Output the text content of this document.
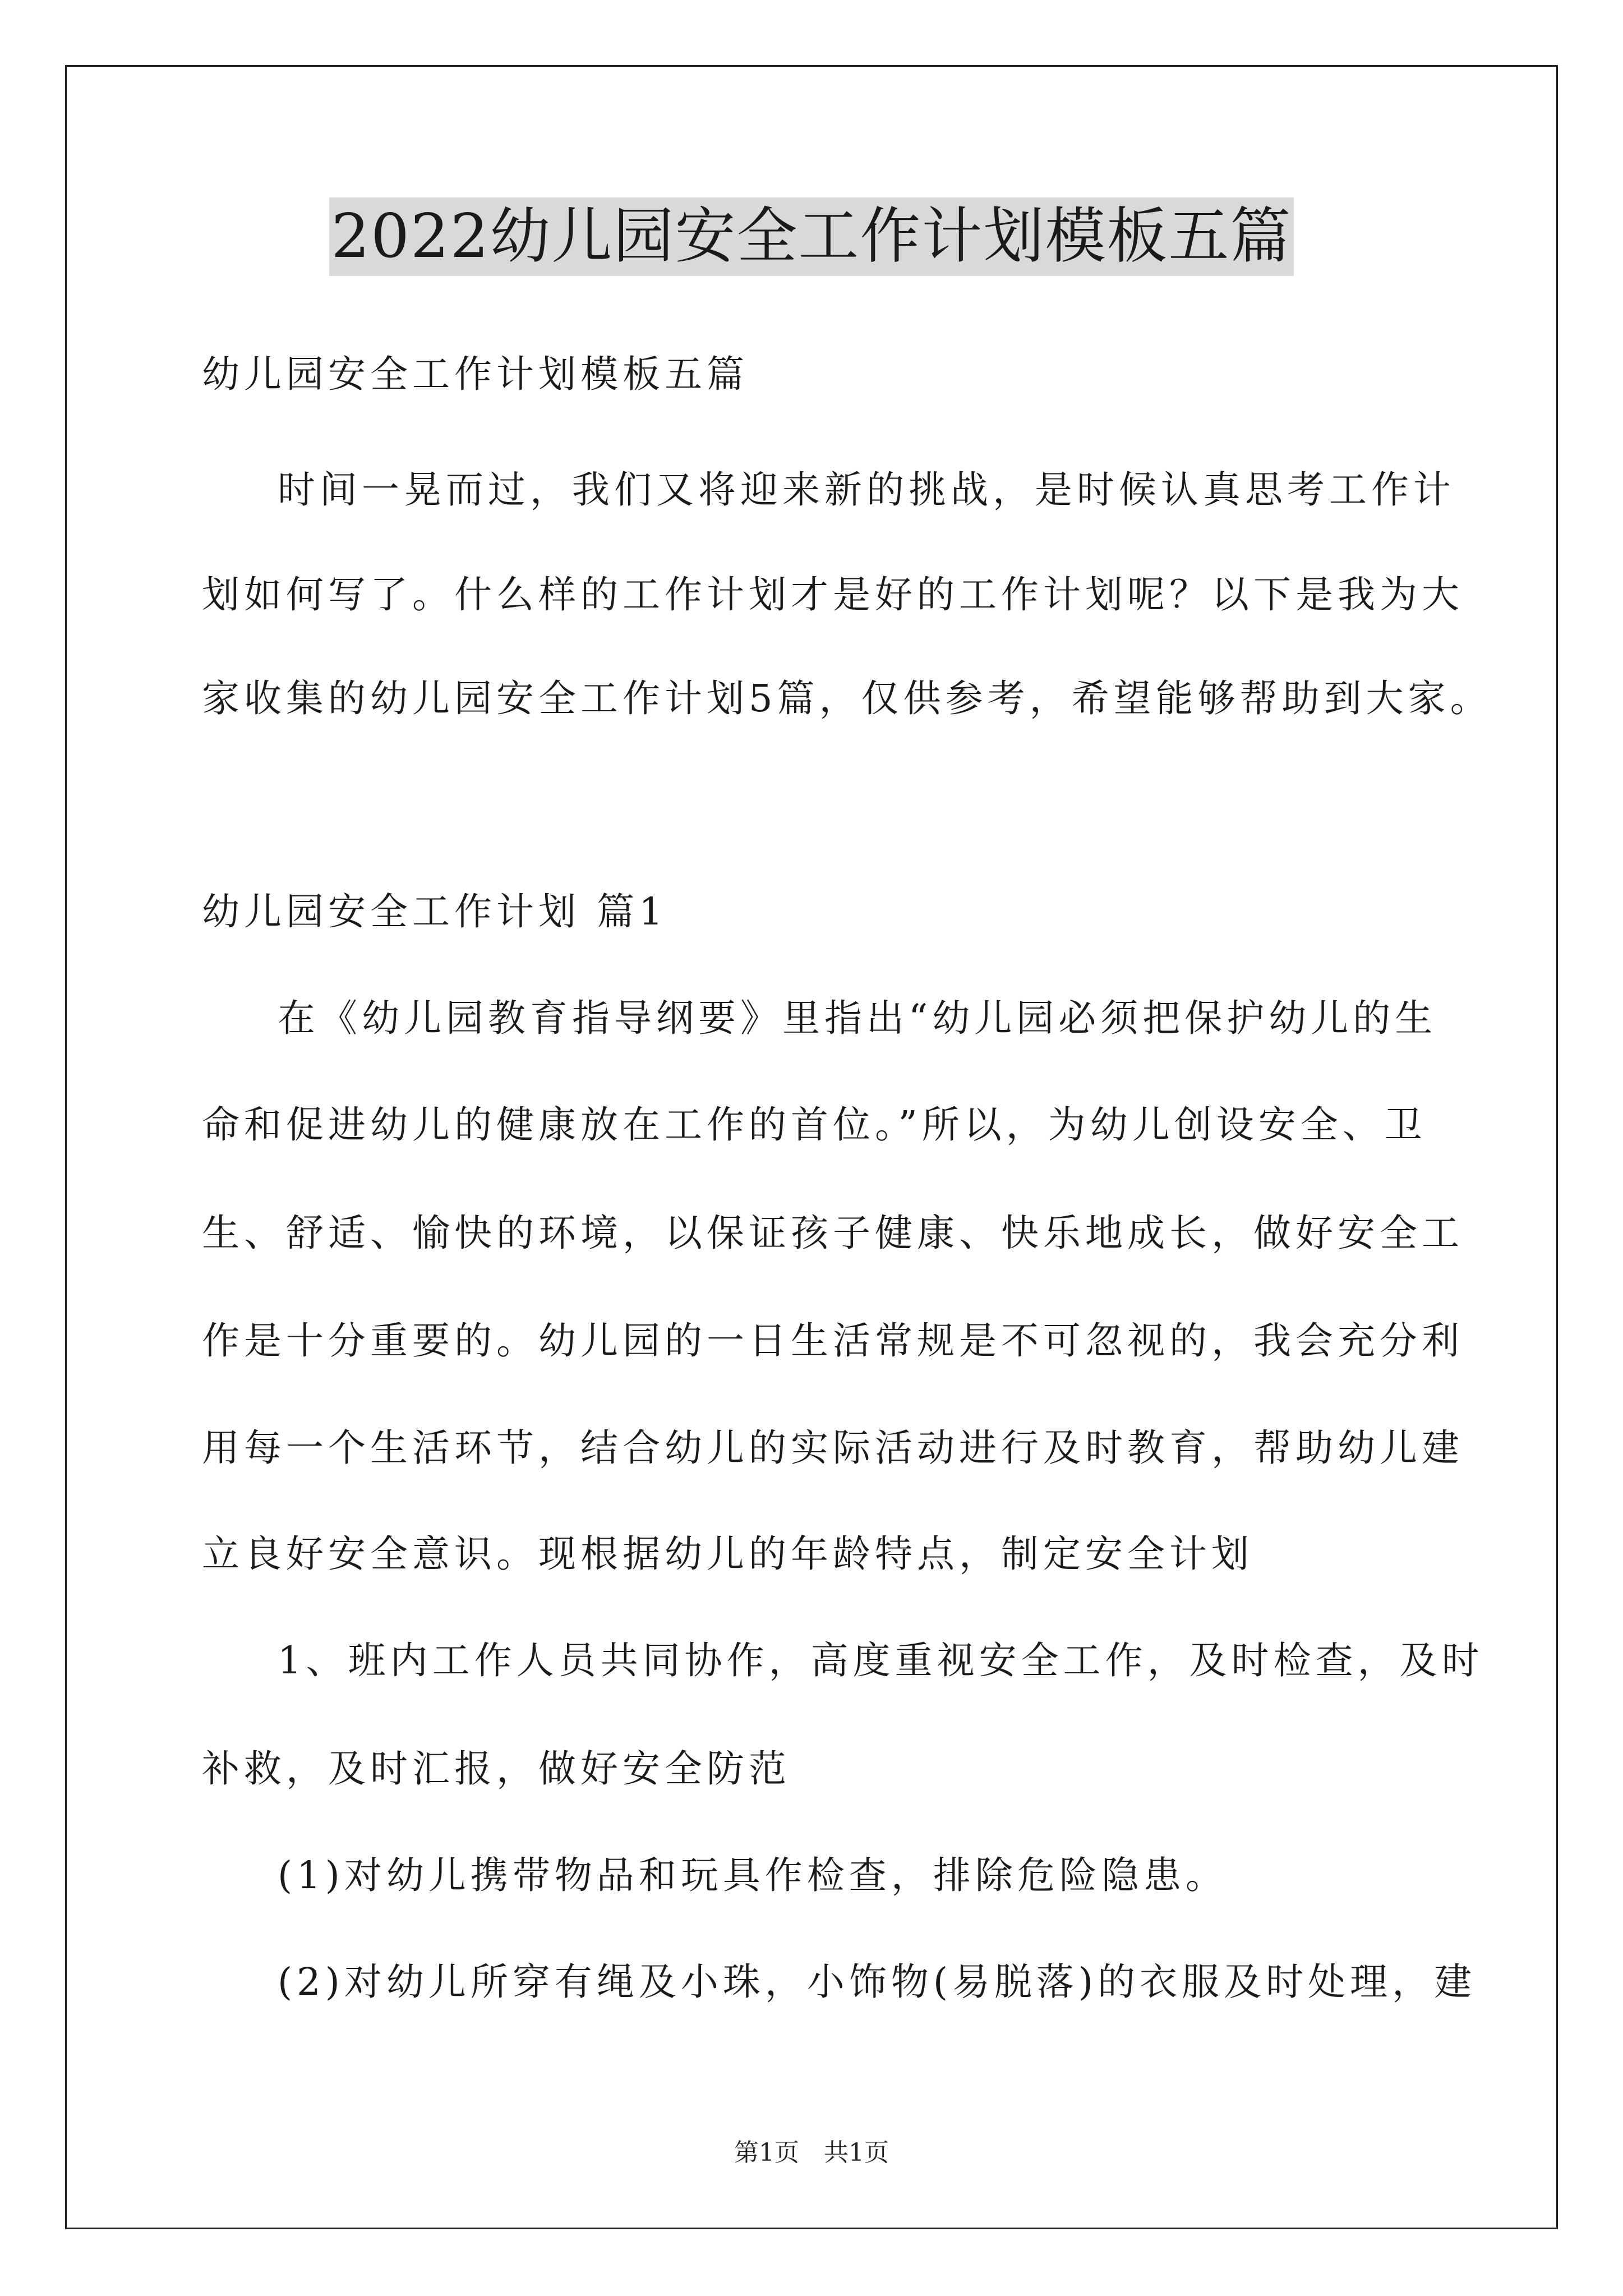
2022幼儿园安全工作计划模板五篇

幼儿园安全工作计划模板五篇

时间一晃而过，我们又将迎来新的挑战，是时候认真思考工作计

划如何写了。什么样的工作计划才是好的工作计划呢？以下是我为大

家收集的幼儿园安全工作计划5篇，仅供参考，希望能够帮助到大家。

幼儿园安全工作计划 篇1

在《幼儿园教育指导纲要》里指出“幼儿园必须把保护幼儿的生

命和促进幼儿的健康放在工作的首位。”所以，为幼儿创设安全、卫

生、舒适、愉快的环境，以保证孩子健康、快乐地成长，做好安全工

作是十分重要的。幼儿园的一日生活常规是不可忽视的，我会充分利

用每一个生活环节，结合幼儿的实际活动进行及时教育，帮助幼儿建

立良好安全意识。现根据幼儿的年龄特点，制定安全计划

1、班内工作人员共同协作，高度重视安全工作，及时检查，及时

补救，及时汇报，做好安全防范

(1)对幼儿携带物品和玩具作检查，排除危险隐患。

(2)对幼儿所穿有绳及小珠，小饰物(易脱落)的衣服及时处理，建

第1页　共1页
